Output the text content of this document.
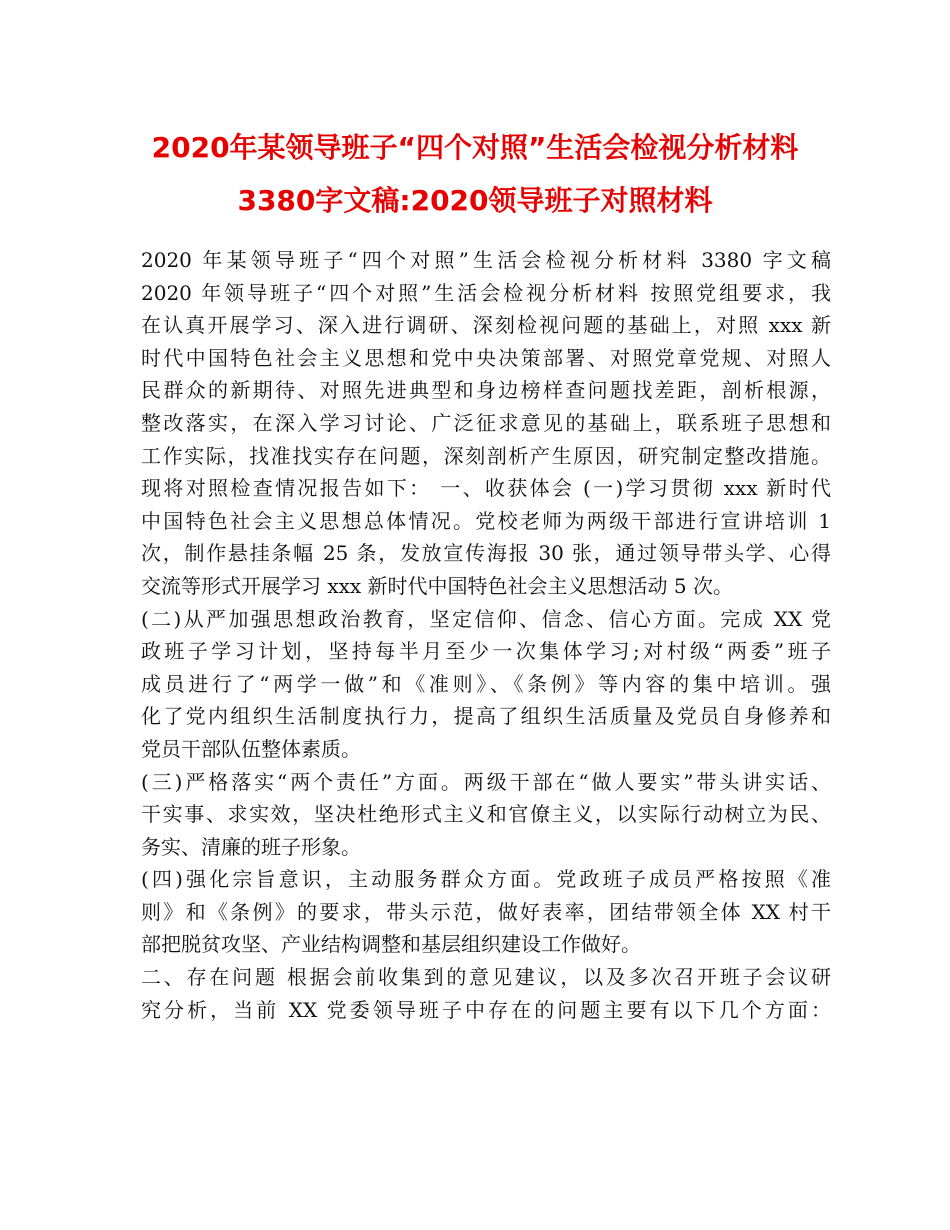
2020年某领导班子“四个对照”生活会检视分析材料
3380字文稿:2020领导班子对照材料
2020 年某领导班子“四个对照”生活会检视分析材料 3380 字文稿
2020 年领导班子“四个对照”生活会检视分析材料 按照党组要求，我
在认真开展学习、深入进行调研、深刻检视问题的基础上，对照 xxx 新
时代中国特色社会主义思想和党中央决策部署、对照党章党规、对照人
民群众的新期待、对照先进典型和身边榜样查问题找差距，剖析根源，
整改落实，在深入学习讨论、广泛征求意见的基础上，联系班子思想和
工作实际，找准找实存在问题，深刻剖析产生原因，研究制定整改措施。
现将对照检查情况报告如下： 一、收获体会 (一)学习贯彻 xxx 新时代
中国特色社会主义思想总体情况。党校老师为两级干部进行宣讲培训 1
次，制作悬挂条幅 25 条，发放宣传海报 30 张，通过领导带头学、心得
交流等形式开展学习 xxx 新时代中国特色社会主义思想活动 5 次。
(二)从严加强思想政治教育，坚定信仰、信念、信心方面。完成 XX 党
政班子学习计划，坚持每半月至少一次集体学习;对村级“两委”班子
成员进行了“两学一做”和《准则》、《条例》等内容的集中培训。强
化了党内组织生活制度执行力，提高了组织生活质量及党员自身修养和
党员干部队伍整体素质。
(三)严格落实“两个责任”方面。两级干部在“做人要实”带头讲实话、
干实事、求实效，坚决杜绝形式主义和官僚主义，以实际行动树立为民、
务实、清廉的班子形象。
(四)强化宗旨意识，主动服务群众方面。党政班子成员严格按照《准
则》和《条例》的要求，带头示范，做好表率，团结带领全体 XX 村干
部把脱贫攻坚、产业结构调整和基层组织建设工作做好。
二、存在问题 根据会前收集到的意见建议，以及多次召开班子会议研
究分析，当前 XX 党委领导班子中存在的问题主要有以下几个方面：
